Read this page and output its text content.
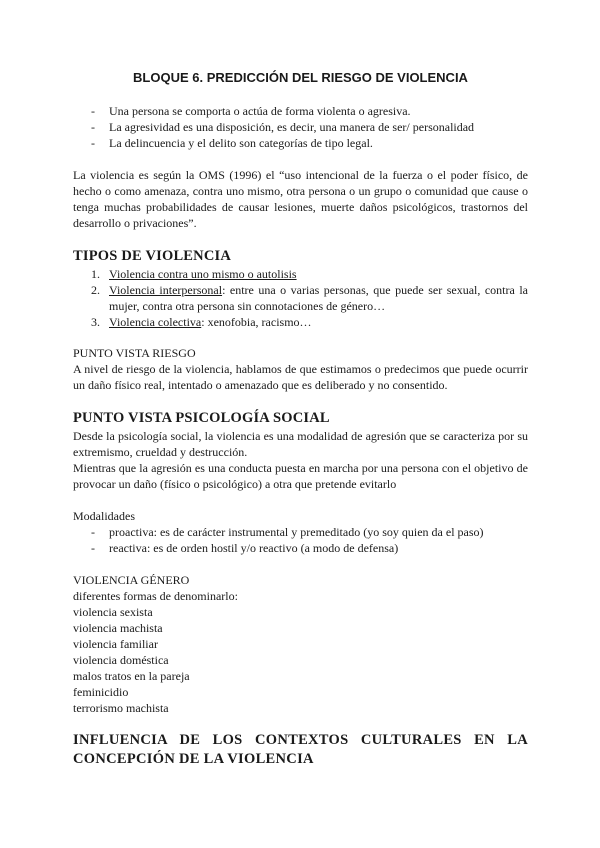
BLOQUE 6. PREDICCIÓN DEL RIESGO DE VIOLENCIA
- Una persona se comporta o actúa de forma violenta o agresiva.
- La agresividad es una disposición, es decir, una manera de ser/ personalidad
- La delincuencia y el delito son categorías de tipo legal.

La violencia es según la OMS (1996) el “uso intencional de la fuerza o el poder físico, de hecho o como amenaza, contra uno mismo, otra persona o un grupo o comunidad que cause o tenga muchas probabilidades de causar lesiones, muerte daños psicológicos, trastornos del desarrollo o privaciones”.

TIPOS DE VIOLENCIA
1. Violencia contra uno mismo o autolisis
2. Violencia interpersonal: entre una o varias personas, que puede ser sexual, contra la mujer, contra otra persona sin connotaciones de género…
3. Violencia colectiva: xenofobia, racismo…

PUNTO VISTA RIESGO

A nivel de riesgo de la violencia, hablamos de que estimamos o predecimos que puede ocurrir un daño físico real, intentado o amenazado que es deliberado y no consentido.

PUNTO VISTA PSICOLOGÍA SOCIAL

Desde la psicología social, la violencia es una modalidad de agresión que se caracteriza por su extremismo, crueldad y destrucción.

Mientras que la agresión es una conducta puesta en marcha por una persona con el objetivo de provocar un daño (físico o psicológico) a otra que pretende evitarlo

Modalidades

- proactiva: es de carácter instrumental y premeditado (yo soy quien da el paso)
- reactiva: es de orden hostil y/o reactivo (a modo de defensa)

VIOLENCIA GÉNERO

diferentes formas de denominarlo:

violencia sexista

violencia machista

violencia familiar

violencia doméstica

malos tratos en la pareja

feminicidio

terrorismo machista

INFLUENCIA DE LOS CONTEXTOS CULTURALES EN LA
CONCEPCIÓN DE LA VIOLENCIA
